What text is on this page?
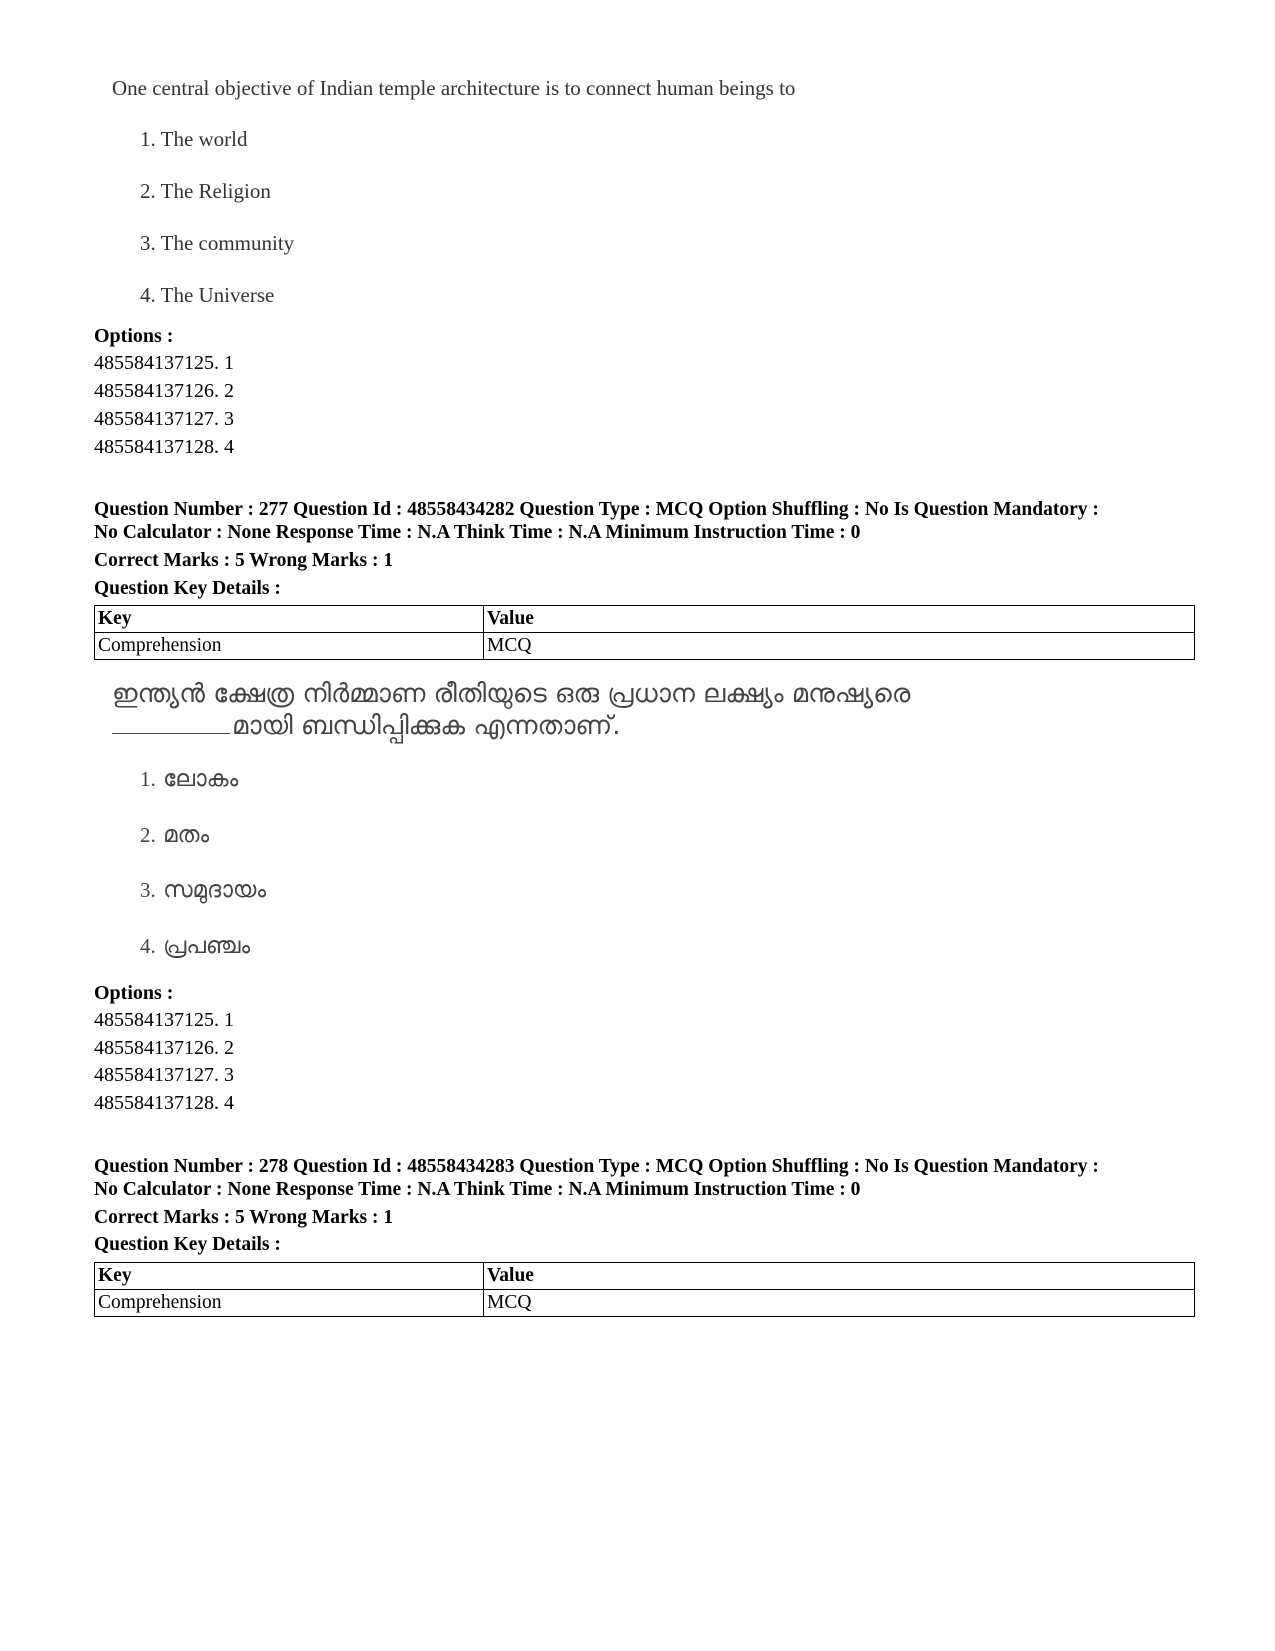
One central objective of Indian temple architecture is to connect human beings to
1. The world
2. The Religion
3. The community
4. The Universe
Options :
485584137125. 1
485584137126. 2
485584137127. 3
485584137128. 4
Question Number : 277 Question Id : 48558434282 Question Type : MCQ Option Shuffling : No Is Question Mandatory :
No Calculator : None Response Time : N.A Think Time : N.A Minimum Instruction Time : 0
Correct Marks : 5 Wrong Marks : 1
Question Key Details :
Key	Value
Comprehension	MCQ
ഇന്ത്യൻ ക്ഷേത്ര നിർമ്മാണ രീതിയുടെ ഒരു പ്രധാന ലക്ഷ്യം മനുഷ്യരെ
മായി ബന്ധിപ്പിക്കുക എന്നതാണ്.
1. ലോകം
2. മതം
3. സമുദായം
4. പ്രപഞ്ചം
Options :
485584137125. 1
485584137126. 2
485584137127. 3
485584137128. 4
Question Number : 278 Question Id : 48558434283 Question Type : MCQ Option Shuffling : No Is Question Mandatory :
No Calculator : None Response Time : N.A Think Time : N.A Minimum Instruction Time : 0
Correct Marks : 5 Wrong Marks : 1
Question Key Details :
Key	Value
Comprehension	MCQ
